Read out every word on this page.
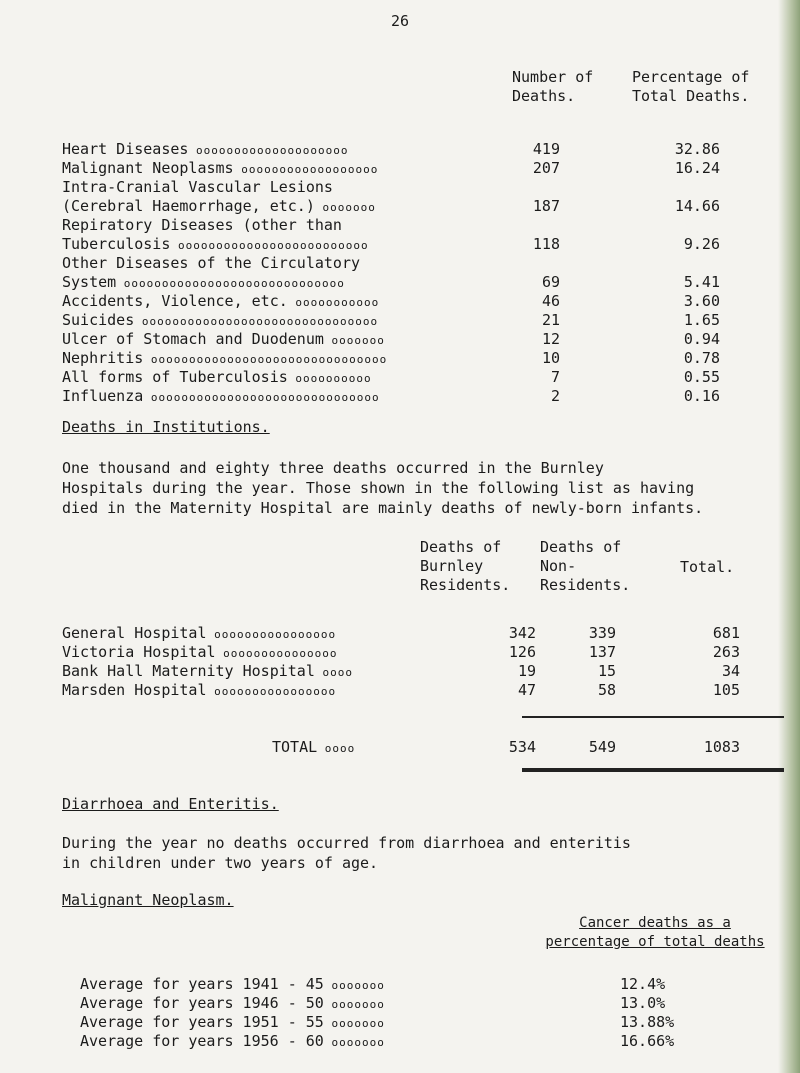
26
Number of Deaths.
Percentage of Total Deaths.
Heart Diseases oooooooooooooooooooo	419	32.86
Malignant Neoplasms oooooooooooooooooo	207	16.24
Intra-Cranial Vascular Lesions
(Cerebral Haemorrhage, etc.) ooooooo	187	14.66
Repiratory Diseases (other than
Tuberculosis ooooooooooooooooooooooooo	118	9.26
Other Diseases of the Circulatory
System ooooooooooooooooooooooooooooo	69	5.41
Accidents, Violence, etc. ooooooooooo	46	3.60
Suicides ooooooooooooooooooooooooooooooo	21	1.65
Ulcer of Stomach and Duodenum ooooooo	12	0.94
Nephritis ooooooooooooooooooooooooooooooo	10	0.78
All forms of Tuberculosis oooooooooo	7	0.55
Influenza oooooooooooooooooooooooooooooo	2	0.16
Deaths in Institutions.
One thousand and eighty three deaths occurred in the Burnley
Hospitals during the year. Those shown in the following list as having
died in the Maternity Hospital are mainly deaths of newly-born infants.
Deaths of Burnley Residents.
Deaths of Non- Residents.
Total.
General Hospital oooooooooooooooo	342	339	681
Victoria Hospital ooooooooooooooo	126	137	263
Bank Hall Maternity Hospital oooo	19	15	34
Marsden Hospital oooooooooooooooo	47	58	105
TOTAL oooo	534	549	1083
Diarrhoea and Enteritis.
During the year no deaths occurred from diarrhoea and enteritis
in children under two years of age.
Malignant Neoplasm.
Cancer deaths as a percentage of total deaths
Average for years 1941 - 45 ooooooo	12.4%
Average for years 1946 - 50 ooooooo	13.0%
Average for years 1951 - 55 ooooooo	13.88%
Average for years 1956 - 60 ooooooo	16.66%
